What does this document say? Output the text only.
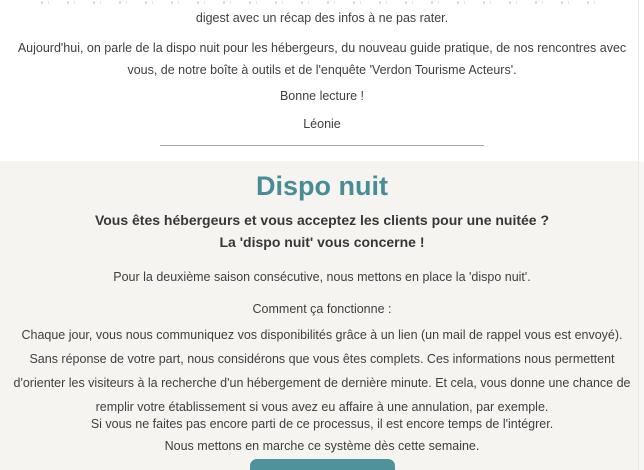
digest avec un récap des infos à ne pas rater.

Aujourd'hui, on parle de la dispo nuit pour les hébergeurs, du nouveau guide pratique, de nos rencontres avec vous, de notre boîte à outils et de l'enquête 'Verdon Tourisme Acteurs'.

Bonne lecture !

Léonie

Dispo nuit

Vous êtes hébergeurs et vous acceptez les clients pour une nuitée ?
La 'dispo nuit' vous concerne !

Pour la deuxième saison consécutive, nous mettons en place la 'dispo nuit'.

Comment ça fonctionne :

Chaque jour, vous nous communiquez vos disponibilités grâce à un lien (un mail de rappel vous est envoyé). Sans réponse de votre part, nous considérons que vous êtes complets. Ces informations nous permettent d'orienter les visiteurs à la recherche d'un hébergement de dernière minute. Et cela, vous donne une chance de remplir votre établissement si vous avez eu affaire à une annulation, par exemple.

Si vous ne faites pas encore parti de ce processus, il est encore temps de l'intégrer.
Nous mettons en marche ce système dès cette semaine.
